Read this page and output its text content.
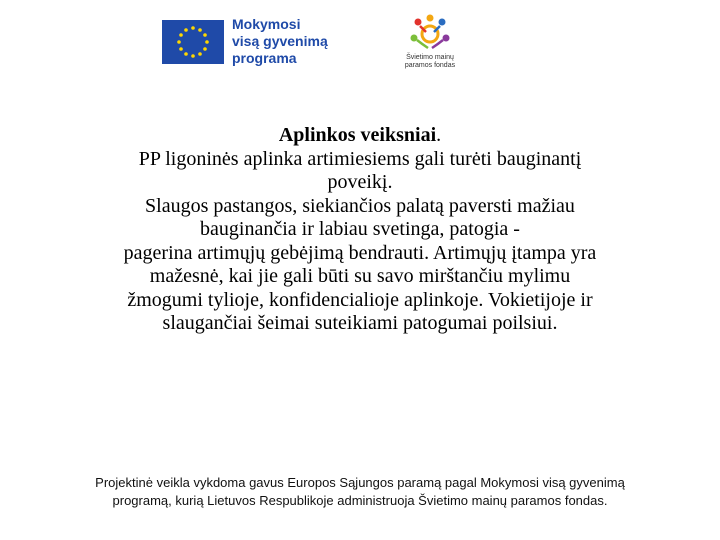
Mokymosi
visą gyvenimą
programa	Švietimo mainų
paramos fondas
Aplinkos veiksniai.
PP ligoninės aplinka artimiesiems gali turėti bauginantį
poveikį.
Slaugos pastangos, siekiančios palatą paversti mažiau
bauginančia ir labiau svetinga, patogia -
pagerina artimųjų gebėjimą bendrauti. Artimųjų įtampa yra
mažesnė, kai jie gali būti su savo mirštančiu mylimu
žmogumi tylioje, konfidencialioje aplinkoje. Vokietijoje ir
slaugančiai šeimai suteikiami patogumai poilsiui.
Projektinė veikla vykdoma gavus Europos Sąjungos paramą pagal Mokymosi visą gyvenimą
programą, kurią Lietuvos Respublikoje administruoja Švietimo mainų paramos fondas.
